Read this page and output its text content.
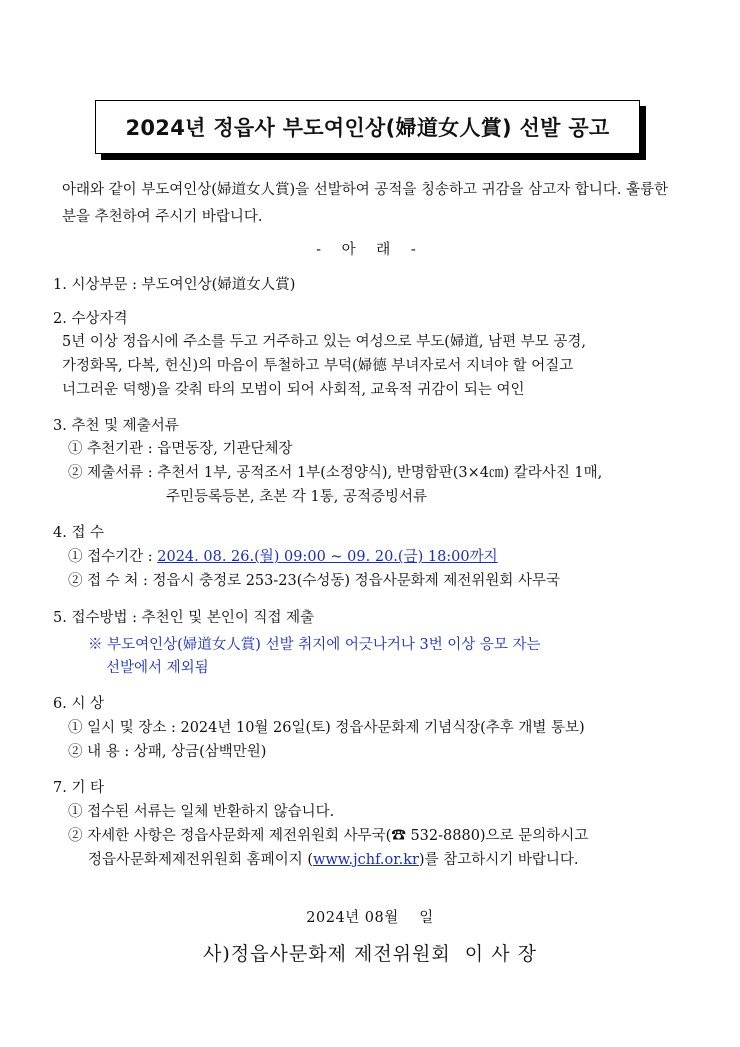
2024년 정읍사 부도여인상(婦道女人賞) 선발 공고
아래와 같이 부도여인상(婦道女人賞)을 선발하여 공적을 칭송하고 귀감을 삼고자 합니다. 훌륭한 분을 추천하여 주시기 바랍니다.
- 아 래 -
1. 시상부문 : 부도여인상(婦道女人賞)
2. 수상자격
5년 이상 정읍시에 주소를 두고 거주하고 있는 여성으로 부도(婦道, 남편 부모 공경,
가정화목, 다복, 헌신)의 마음이 투철하고 부덕(婦德 부녀자로서 지녀야 할 어질고
너그러운 덕행)을 갖춰 타의 모범이 되어 사회적, 교육적 귀감이 되는 여인
3. 추천 및 제출서류
① 추천기관 : 읍면동장, 기관단체장
② 제출서류 : 추천서 1부, 공적조서 1부(소정양식), 반명함판(3×4㎝) 칼라사진 1매,
주민등록등본, 초본 각 1통, 공적증빙서류
4. 접 수
① 접수기간 : 2024. 08. 26.(월) 09:00 ~ 09. 20.(금) 18:00까지
② 접 수 처 : 정읍시 충정로 253-23(수성동) 정읍사문화제 제전위원회 사무국
5. 접수방법 : 추천인 및 본인이 직접 제출
※ 부도여인상(婦道女人賞) 선발 취지에 어긋나거나 3번 이상 응모 자는
선발에서 제외됨
6. 시 상
① 일시 및 장소 : 2024년 10월 26일(토) 정읍사문화제 기념식장(추후 개별 통보)
② 내 용 : 상패, 상금(삼백만원)
7. 기 타
① 접수된 서류는 일체 반환하지 않습니다.
② 자세한 사항은 정읍사문화제 제전위원회 사무국(☎ 532-8880)으로 문의하시고
정읍사문화제제전위원회 홈페이지 (www.jchf.or.kr)를 참고하시기 바랍니다.
2024년 08월    일
사)정읍사문화제 제전위원회  이 사 장
